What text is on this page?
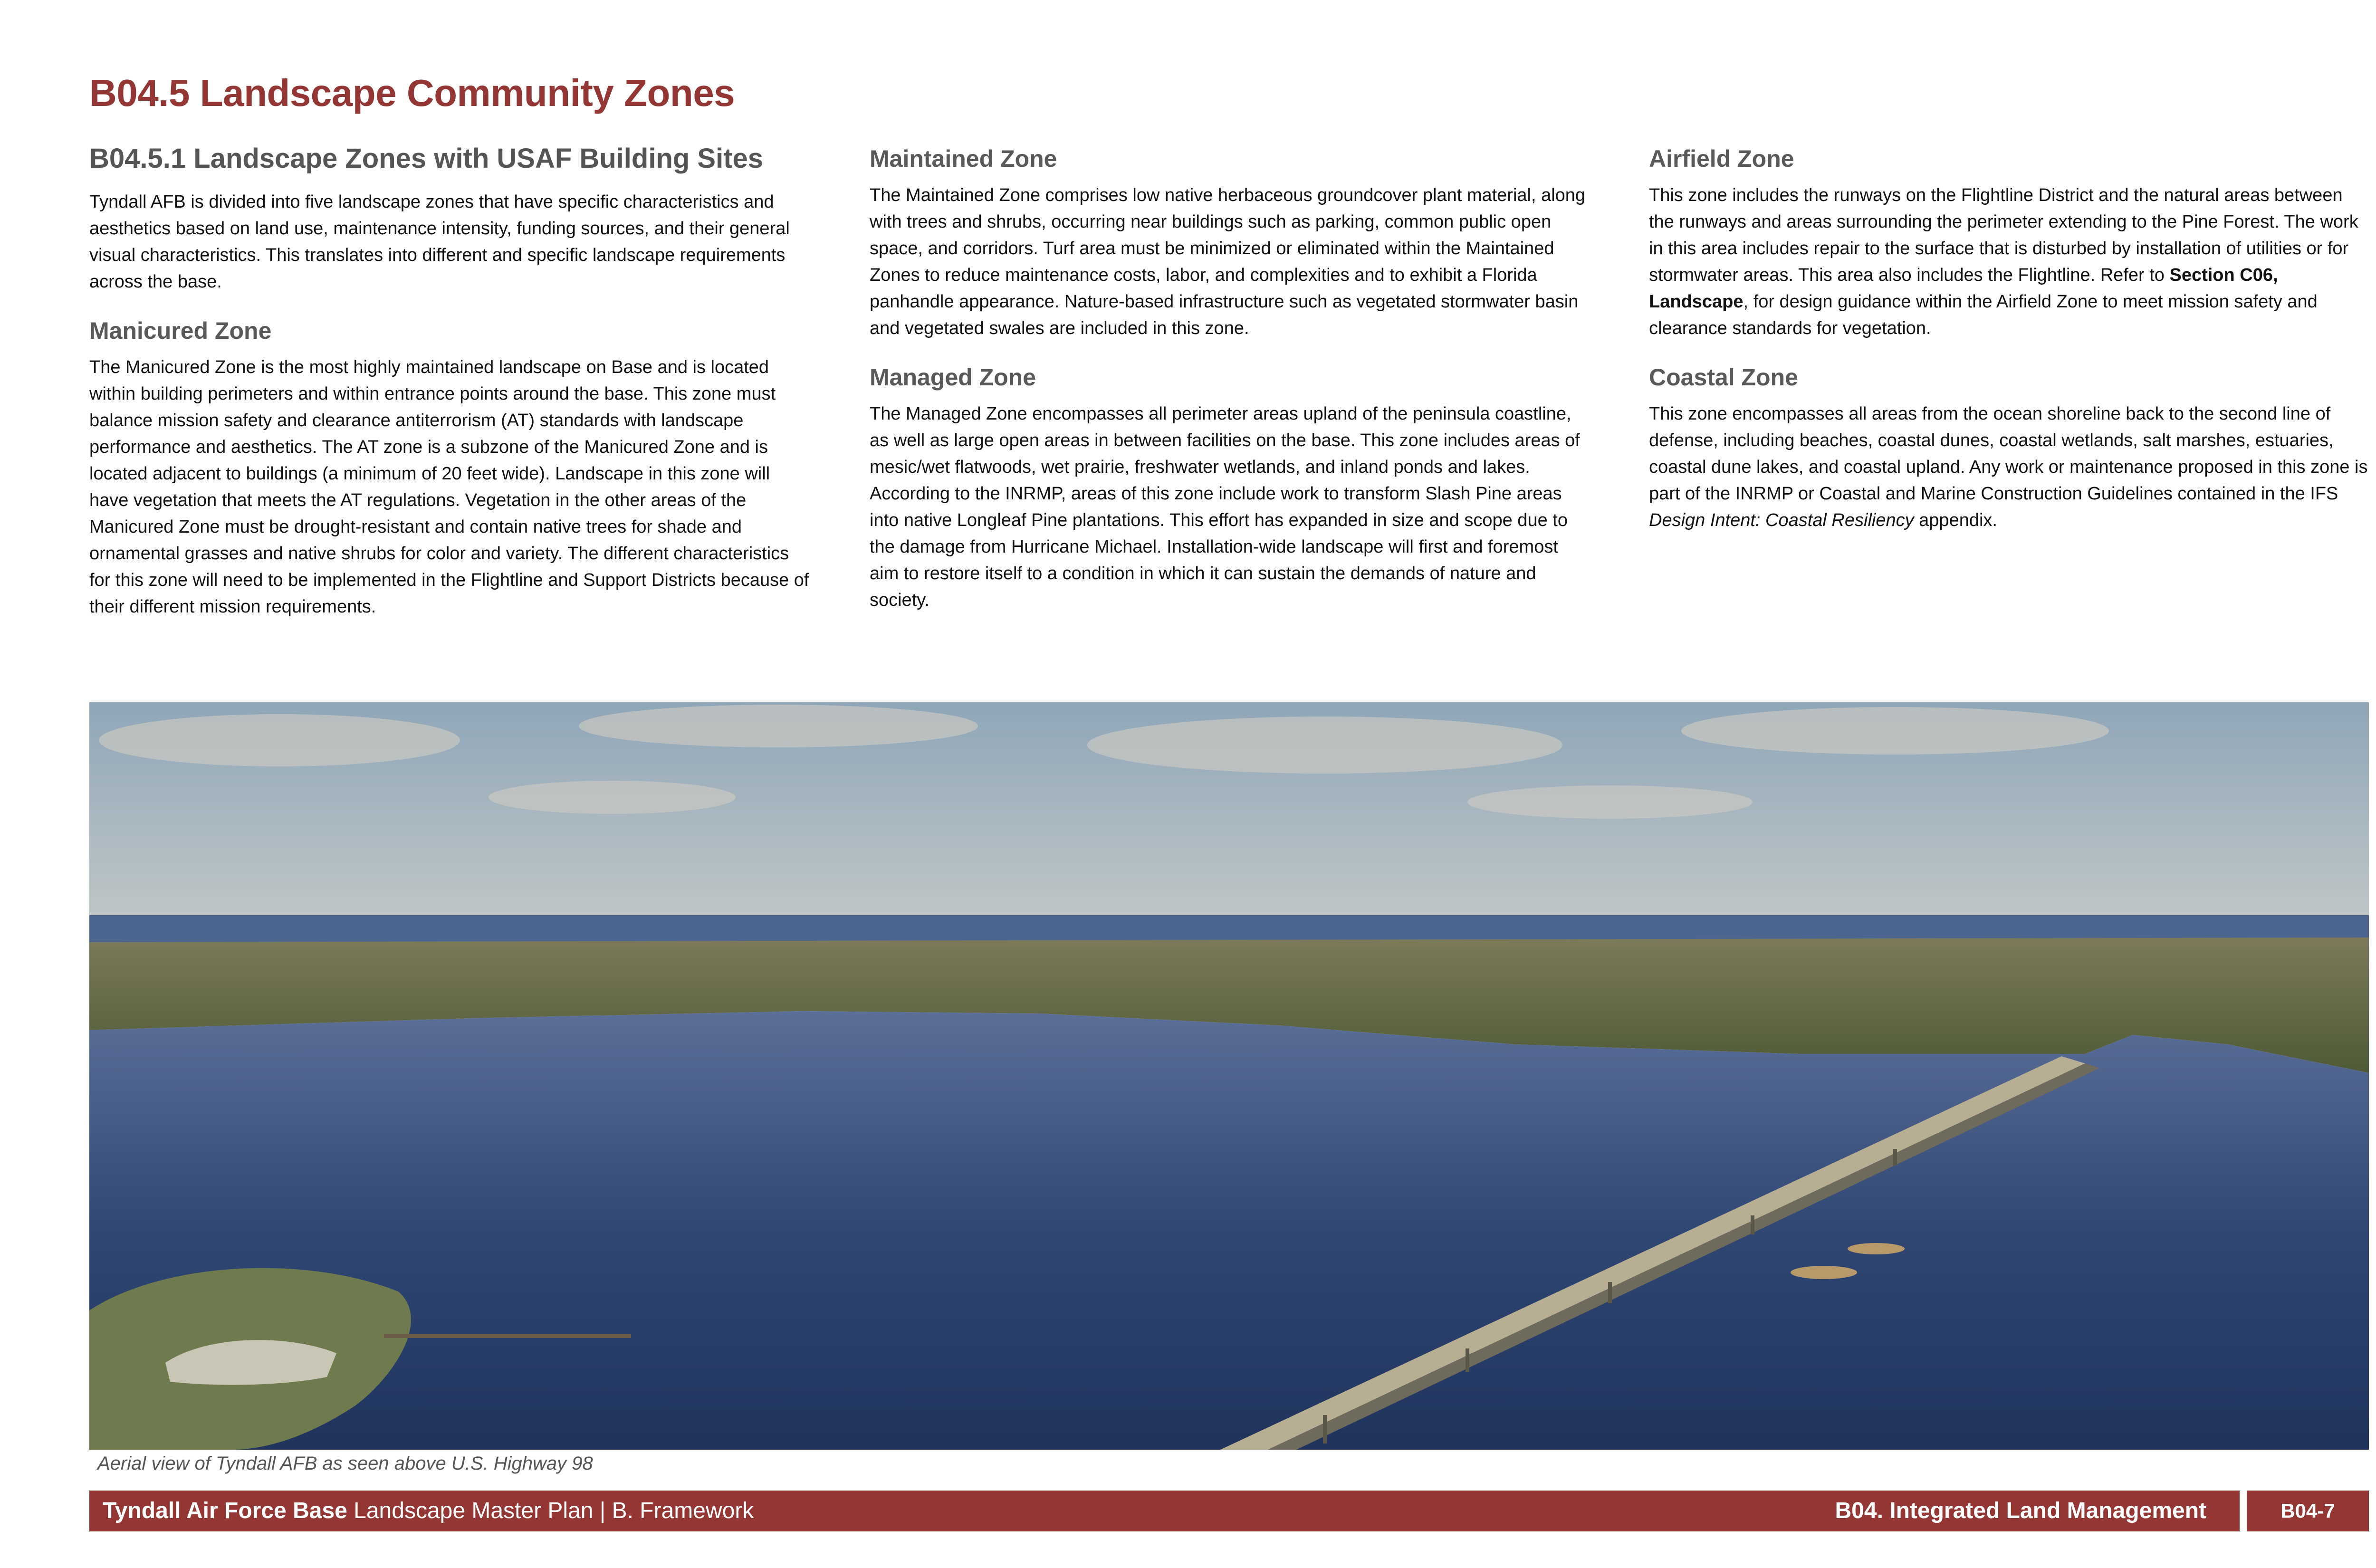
B04.5 Landscape Community Zones
B04.5.1 Landscape Zones with USAF Building Sites

Tyndall AFB is divided into five landscape zones that have specific characteristics and aesthetics based on land use, maintenance intensity, funding sources, and their general visual characteristics. This translates into different and specific landscape requirements across the base.

Manicured Zone

The Manicured Zone is the most highly maintained landscape on Base and is located within building perimeters and within entrance points around the base. This zone must balance mission safety and clearance antiterrorism (AT) standards with landscape performance and aesthetics. The AT zone is a subzone of the Manicured Zone and is located adjacent to buildings (a minimum of 20 feet wide). Landscape in this zone will have vegetation that meets the AT regulations. Vegetation in the other areas of the Manicured Zone must be drought-resistant and contain native trees for shade and ornamental grasses and native shrubs for color and variety. The different characteristics for this zone will need to be implemented in the Flightline and Support Districts because of their different mission requirements.

Maintained Zone

The Maintained Zone comprises low native herbaceous groundcover plant material, along with trees and shrubs, occurring near buildings such as parking, common public open space, and corridors. Turf area must be minimized or eliminated within the Maintained Zones to reduce maintenance costs, labor, and complexities and to exhibit a Florida panhandle appearance. Nature-based infrastructure such as vegetated stormwater basin and vegetated swales are included in this zone.

Managed Zone

The Managed Zone encompasses all perimeter areas upland of the peninsula coastline, as well as large open areas in between facilities on the base. This zone includes areas of mesic/wet flatwoods, wet prairie, freshwater wetlands, and inland ponds and lakes. According to the INRMP, areas of this zone include work to transform Slash Pine areas into native Longleaf Pine plantations. This effort has expanded in size and scope due to the damage from Hurricane Michael. Installation-wide landscape will first and foremost aim to restore itself to a condition in which it can sustain the demands of nature and society.

Airfield Zone

This zone includes the runways on the Flightline District and the natural areas between the runways and areas surrounding the perimeter extending to the Pine Forest. The work in this area includes repair to the surface that is disturbed by installation of utilities or for stormwater areas. This area also includes the Flightline. Refer to Section C06, Landscape, for design guidance within the Airfield Zone to meet mission safety and clearance standards for vegetation.

Coastal Zone

This zone encompasses all areas from the ocean shoreline back to the second line of defense, including beaches, coastal dunes, coastal wetlands, salt marshes, estuaries, coastal dune lakes, and coastal upland. Any work or maintenance proposed in this zone is part of the INRMP or Coastal and Marine Construction Guidelines contained in the IFS Design Intent: Coastal Resiliency appendix.

Aerial view of Tyndall AFB as seen above U.S. Highway 98
Tyndall Air Force Base Landscape Master Plan | B. Framework	B04. Integrated Land Management	B04-7
